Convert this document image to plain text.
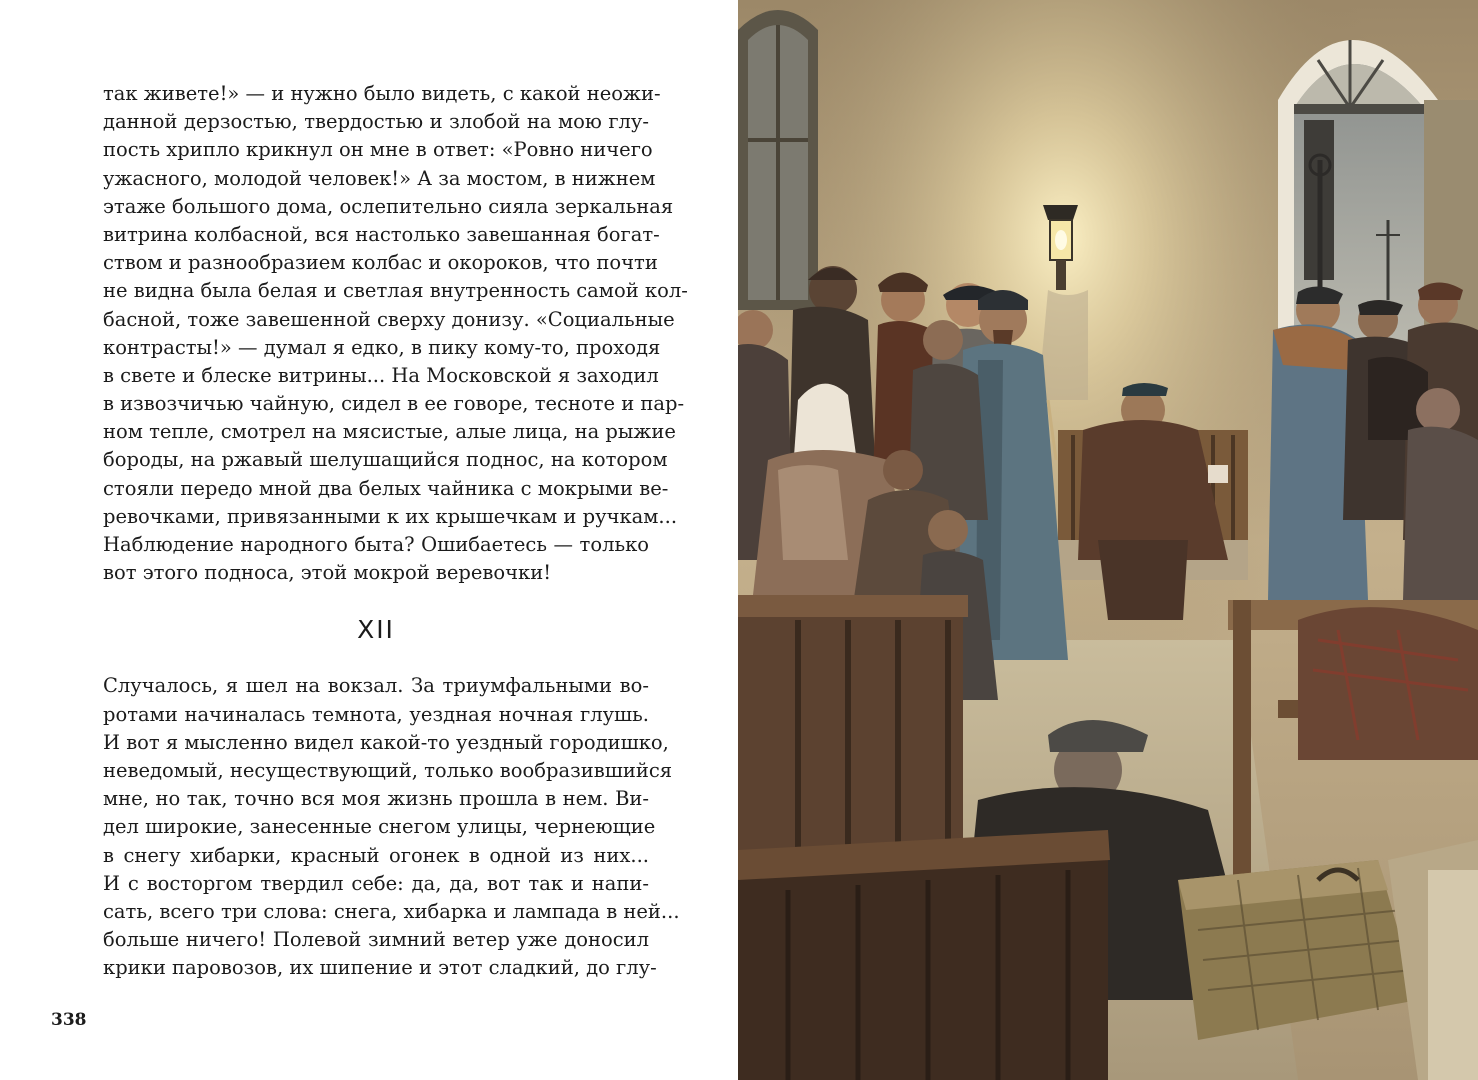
так живете!» — и нужно было видеть, с какой неожи-
данной дерзостью, твердостью и злобой на мою глу-
пость хрипло крикнул он мне в ответ: «Ровно ничего
ужасного, молодой человек!» А за мостом, в нижнем
этаже большого дома, ослепительно сияла зеркальная
витрина колбасной, вся настолько завешанная богат-
ством и разнообразием колбас и окороков, что почти
не видна была белая и светлая внутренность самой кол-
басной, тоже завешенной сверху донизу. «Социальные
контрасты!» — думал я едко, в пику кому-то, проходя
в свете и блеске витрины... На Московской я заходил
в извозчичью чайную, сидел в ее говоре, тесноте и пар-
ном тепле, смотрел на мясистые, алые лица, на рыжие
бороды, на ржавый шелушащийся поднос, на котором
стояли передо мной два белых чайника с мокрыми ве-
ревочками, привязанными к их крышечкам и ручкам...
Наблюдение народного быта? Ошибаетесь — только
вот этого подноса, этой мокрой веревочки!
XII
Случалось, я шел на вокзал. За триумфальными во-
ротами начиналась темнота, уездная ночная глушь.
И вот я мысленно видел какой-то уездный городишко,
неведомый, несуществующий, только вообразившийся
мне, но так, точно вся моя жизнь прошла в нем. Ви-
дел широкие, занесенные снегом улицы, чернеющие
в снегу хибарки, красный огонек в одной из них...
И с восторгом твердил себе: да, да, вот так и напи-
сать, всего три слова: снега, хибарка и лампада в ней...
больше ничего! Полевой зимний ветер уже доносил
крики паровозов, их шипение и этот сладкий, до глу-
338
